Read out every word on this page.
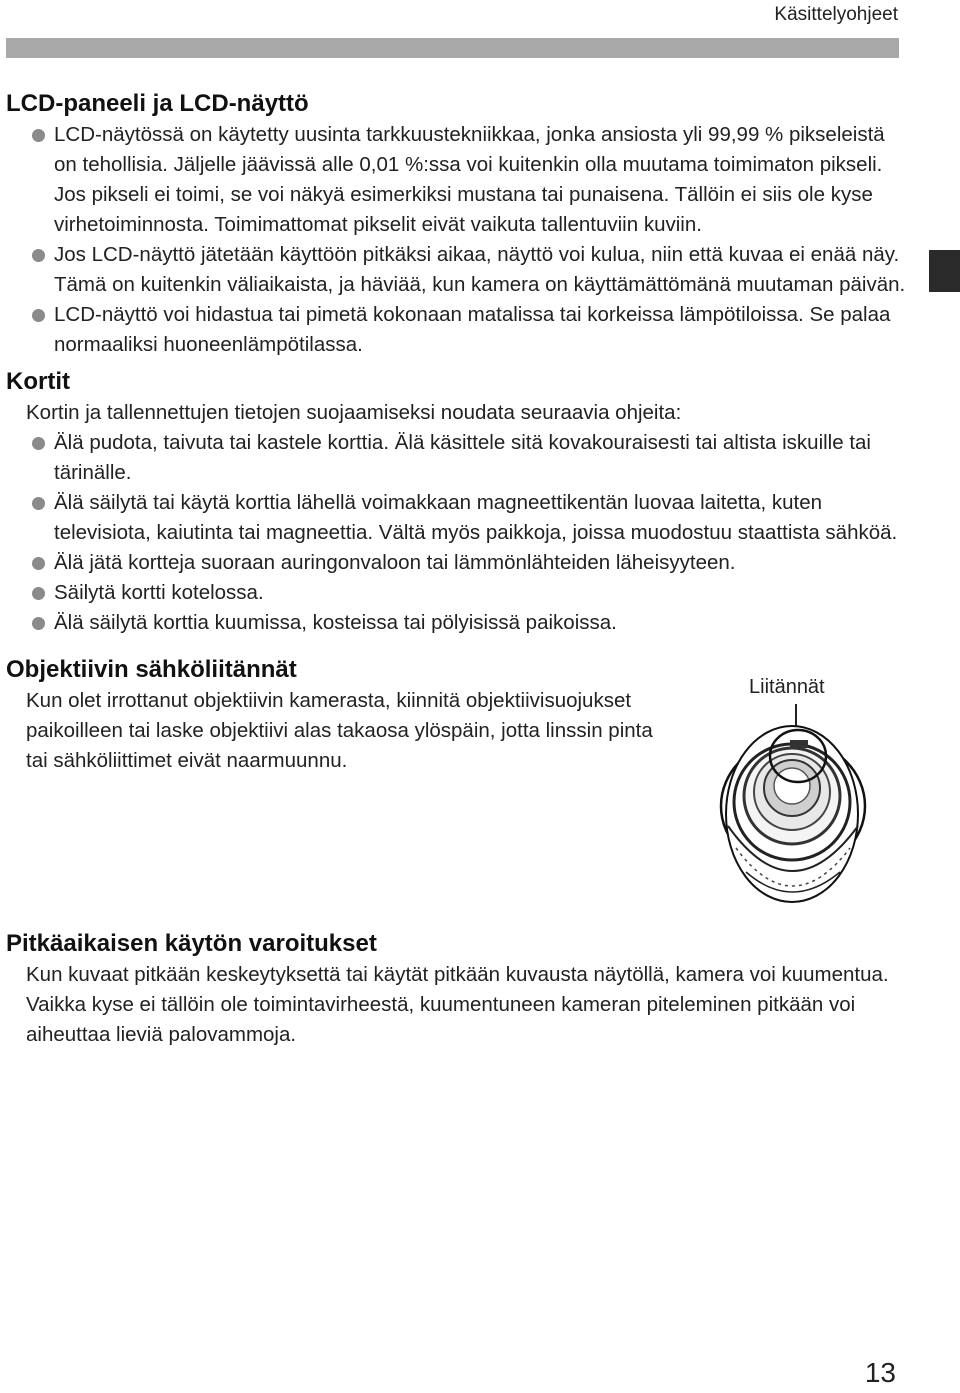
Käsittelyohjeet
LCD-paneeli ja LCD-näyttö
LCD-näytössä on käytetty uusinta tarkkuustekniikkaa, jonka ansiosta yli 99,99 % pikseleistä on tehollisia. Jäljelle jäävissä alle 0,01 %:ssa voi kuitenkin olla muutama toimimaton pikseli. Jos pikseli ei toimi, se voi näkyä esimerkiksi mustana tai punaisena. Tällöin ei siis ole kyse virhetoiminnosta. Toimimattomat pikselit eivät vaikuta tallentuviin kuviin.
Jos LCD-näyttö jätetään käyttöön pitkäksi aikaa, näyttö voi kulua, niin että kuvaa ei enää näy. Tämä on kuitenkin väliaikaista, ja häviää, kun kamera on käyttämättömänä muutaman päivän.
LCD-näyttö voi hidastua tai pimetä kokonaan matalissa tai korkeissa lämpötiloissa. Se palaa normaaliksi huoneenlämpötilassa.
Kortit

Kortin ja tallennettujen tietojen suojaamiseksi noudata seuraavia ohjeita:

Älä pudota, taivuta tai kastele korttia. Älä käsittele sitä kovakouraisesti tai altista iskuille tai tärinälle.
Älä säilytä tai käytä korttia lähellä voimakkaan magneettikentän luovaa laitetta, kuten televisiota, kaiutinta tai magneettia. Vältä myös paikkoja, joissa muodostuu staattista sähköä.
Älä jätä kortteja suoraan auringonvaloon tai lämmönlähteiden läheisyyteen.
Säilytä kortti kotelossa.
Älä säilytä korttia kuumissa, kosteissa tai pölyisissä paikoissa.
Objektiivin sähköliitännät

Kun olet irrottanut objektiivin kamerasta, kiinnitä objektiivisuojukset paikoilleen tai laske objektiivi alas takaosa ylöspäin, jotta linssin pinta tai sähköliittimet eivät naarmuunnu.

Liitännät
Pitkäaikaisen käytön varoitukset

Kun kuvaat pitkään keskeytyksettä tai käytät pitkään kuvausta näytöllä, kamera voi kuumentua. Vaikka kyse ei tällöin ole toimintavirheestä, kuumentuneen kameran piteleminen pitkään voi aiheuttaa lieviä palovammoja.

13
